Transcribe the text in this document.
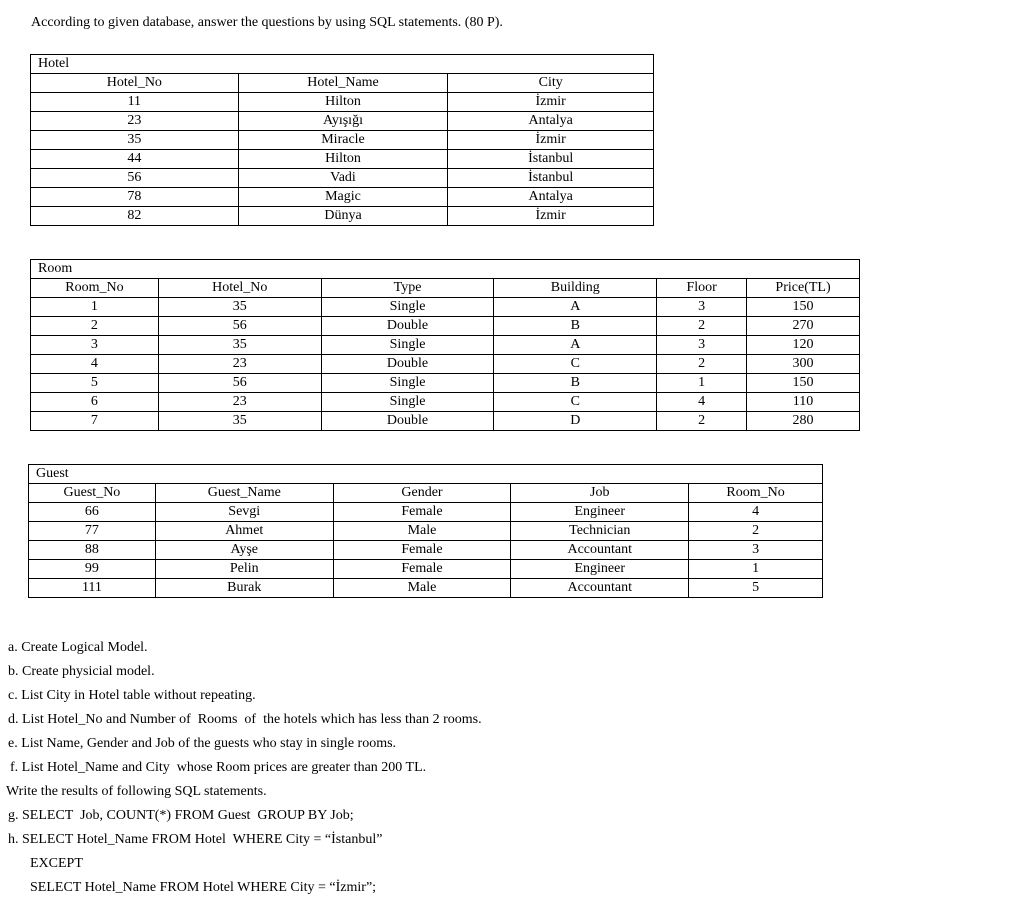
According to given database, answer the questions by using SQL statements. (80 P).
Hotel		
Hotel_No	Hotel_Name	City
11	Hilton	İzmir
23	Ayışığı	Antalya
35	Miracle	İzmir
44	Hilton	İstanbul
56	Vadi	İstanbul
78	Magic	Antalya
82	Dünya	İzmir
Room					
Room_No	Hotel_No	Type	Building	Floor	Price(TL)
1	35	Single	A	3	150
2	56	Double	B	2	270
3	35	Single	A	3	120
4	23	Double	C	2	300
5	56	Single	B	1	150
6	23	Single	C	4	110
7	35	Double	D	2	280
Guest				
Guest_No	Guest_Name	Gender	Job	Room_No
66	Sevgi	Female	Engineer	4
77	Ahmet	Male	Technician	2
88	Ayşe	Female	Accountant	3
99	Pelin	Female	Engineer	1
111	Burak	Male	Accountant	5
a. Create Logical Model.
b. Create physicial model.
c. List City in Hotel table without repeating.
d. List Hotel_No and Number of  Rooms  of  the hotels which has less than 2 rooms.
e. List Name, Gender and Job of the guests who stay in single rooms.
f. List Hotel_Name and City  whose Room prices are greater than 200 TL.
Write the results of following SQL statements.
g. SELECT  Job, COUNT(*) FROM Guest  GROUP BY Job;
h. SELECT Hotel_Name FROM Hotel  WHERE City = “İstanbul”
EXCEPT
SELECT Hotel_Name FROM Hotel WHERE City = “İzmir”;
